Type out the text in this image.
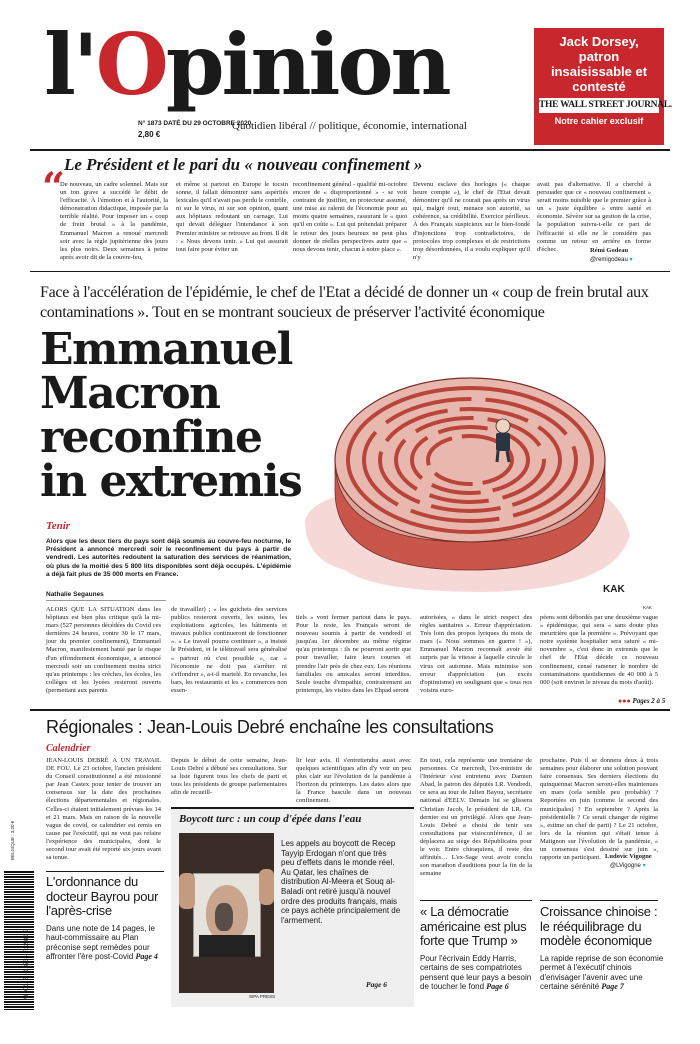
l'Opinion
N° 1873 DATÉ DU 29 OCTOBRE 2020
2,80 €
Quotidien libéral // politique, économie, international
Jack Dorsey, patron insaisissable et contesté
THE WALL STREET JOURNAL.
Notre cahier exclusif
Le Président et le pari du « nouveau confinement »
“
De nouveau, un cadre solennel. Mais sur un ton grave a succédé le débit de l'efficacité. À l'émotion et à l'autorité, la démonstration didactique, imposée par la terrible réalité. Pour imposer un « coup de frein brutal » à la pandémie, Emmanuel Macron a renoué mercredi soir avec la règle jupitérienne des jours les plus noirs. Deux semaines à peine après avoir dit de la couvre-feu,
et même si partout en Europe le tocsin sonne, il fallait démontrer sans aspérités lexicales qu'il n'avait pas perdu le contrôle, ni sur le virus, ni sur son opinion, quant aux hôpitaux redoutant un carnage. Lui qui devait déléguer l'intendance à son Premier ministre se retrouve au front. Il dit : « Nous devons tenir. » Lui qui assurait tout faire pour éviter un
reconfinement général - qualifié mi-octobre encore de « disproportionné » - se voit contraint de justifier, en protecteur assumé, une mise au ralenti de l'économie pour au moins quatre semaines, rassurant le « quoi qu'il en coûte ». Lui qui prétendait préparer le retour des jours heureux ne peut plus donner de réelles perspectives autre que « nous devons tenir, chacun à notre place ».
Devenu esclave des horloges (« chaque heure compte »), le chef de l'Etat devait démontrer qu'il ne courait pas après un virus qui, malgré tout, menace son autorité, sa cohérence, sa crédibilité. Exercice périlleux. À des Français suspicieux sur le bien-fondé d'injonctions trop contradictoires, de protocoles trop complexes et de restrictions trop désordonnées, il a voulu expliquer qu'il n'y
avait pas d'alternative. Il a cherché à persuader que ce « nouveau confinement » serait moins nuisible que le premier grâce à un « juste équilibre » entre santé et économie. Sévère sur sa gestion de la crise, la population suivra-t-elle ce pari de l'efficacité si elle ne le considère pas comme un retour en arrière en forme d'échec.	Rémi Godeau
@remigodeau ▾
Face à l'accélération de l'épidémie, le chef de l'Etat a décidé de donner un « coup de frein brutal aux contaminations ». Tout en se montrant soucieux de préserver l'activité économique
Emmanuel
Macron
reconfine
in extremis
KAK
KAK
Tenir
Alors que les deux tiers du pays sont déjà soumis au couvre-feu nocturne, le Président a annoncé mercredi soir le reconfinement du pays à partir de vendredi. Les autorités redoutent la saturation des services de réanimation, où plus de la moitié des 5 800 lits disponibles sont déjà occupés. L'épidémie a déjà fait plus de 35 000 morts en France.
Nathalie Segaunes
ALORS QUE LA SITUATION dans les hôpitaux est bien plus critique qu'à la mi-mars (527 personnes décédées du Covid ces dernières 24 heures, contre 30 le 17 mars, jour du premier confinement), Emmanuel Macron, manifestement hanté par le risque d'un effondrement économique, a annoncé mercredi soir un confinement moins strict qu'au printemps : les crèches, les écoles, les collèges et les lycées resteront ouverts (permettant aux parents
de travailler) ; « les guichets des services publics resteront ouverts, les usines, les exploitations agricoles, les bâtiments et travaux publics continueront de fonctionner ». « Le travail pourra continuer », a insisté le Président, et le télétravail sera généralisé « partout où c'est possible », car « l'économie ne doit pas s'arrêter ni s'effondrer », a-t-il martelé. En revanche, les bars, les restaurants et les « commerces non essen-
tiels » vont fermer partout dans le pays. Pour le reste, les Français seront de nouveau soumis à partir de vendredi et jusqu'au 1er décembre au même régime qu'au printemps : ils ne pourront sortir que pour travailler, faire leurs courses et prendre l'air près de chez eux. Les réunions familiales ou amicales seront interdites. Seule touche d'empathie, contrairement au printemps, les visites dans les Ehpad seront
autorisées, « dans le strict respect des règles sanitaires ». Erreur d'appréciation. Très loin des propos lyriques du mois de mars (« Nous sommes en guerre ! »), Emmanuel Macron reconnaît avoir été surpris par la vitesse à laquelle circule le virus cet automne. Mais minimise son erreur d'appréciation (un excès d'optimisme) en soulignant que « tous nos voisins euro-
péens sont débordés par une deuxième vague » épidémique, qui sera « sans doute plus meurtrière que la première ». Prévoyant que notre système hospitalier sera saturé « mi-novembre », c'est donc in extremis que le chef de l'Etat décide ce nouveau confinement, censé ramener le nombre de contaminations quotidiennes de 40 000 à 5 000 (soit environ le niveau du mois d'août).
●●● Pages 2 à 5
Régionales : Jean-Louis Debré enchaîne les consultations
Calendrier
JEAN-LOUIS DEBRÉ A UN TRAVAIL DE FOU. Le 23 octobre, l'ancien président du Conseil constitutionnel a été missionné par Jean Castex pour tenter de trouver un consensus sur la date des prochaines élections départementales et régionales. Celles-ci étaient initialement prévues les 14 et 21 mars. Mais en raison de la nouvelle vague de covid, ce calendrier est remis en cause par l'exécutif, qui ne veut pas refaire l'expérience des municipales, dont le second tour avait été reporté six jours avant sa tenue.
Depuis le début de cette semaine, Jean-Louis Debré a débuté ses consultations. Sur sa liste figurent tous les chefs de parti et tous les présidents de groupe parlementaires afin de recueill-
lir leur avis. Il s'entretiendra aussi avec quelques scientifiques afin d'y voir un peu plus clair sur l'évolution de la pandémie à l'horizon du printemps. Les dates alors que la France bascule dans un nouveau confinement.
En tout, cela représente une trentaine de personnes. Ce mercredi, l'ex-ministre de l'Intérieur s'est entretenu avec Damien Abad, le patron des députés LR. Vendredi, ce sera au tour de Julien Bayou, secrétaire national d'EELV. Demain lui se glissera Christian Jacob, le président de LR. Ce dernier est un privilégié. Alors que Jean-Louis Debré a choisi de tenir ses consultations par visioconférence, il se déplacera au siège des Républicains pour le voir. Entre chiraquiens, il reste des affinités… L'ex-Sage veut avoir conclu son marathon d'auditions pour la fin de la semaine
prochaine. Puis il se donnera deux à trois semaines pour élaborer une solution pouvant faire consensus. Ses derniers élections du quinquennat Macron seront-elles maintenues en mars (cela semble peu probable) ? Reportées en juin (comme le second des municipales) ? En septembre ? Après la présidentielle ? Ce serait changer de régime », estime un chef de parti) ? Le 21 octobre, lors de la réunion qui s'était tenue à Matignon sur l'évolution de la pandémie, « un consensus s'est dessiné sur juin », rapporte un participant. Ludovic Vigogne
@LVigogne ▾
Boycott turc : un coup d'épée dans l'eau
SIPA PRESS
Les appels au boycott de Recep Tayyip Erdogan n'ont que très peu d'effets dans le monde réel. Au Qatar, les chaînes de distribution Al-Meera et Souq al-Baladi ont retiré jusqu'à nouvel ordre des produits français, mais ce pays achète principalement de l'armement.
Page 6
M 00118 - 1873 - F: 2,80 €
BELGIQUE : 3,20 €
L'ordonnance du docteur Bayrou pour l'après-crise
Dans une note de 14 pages, le haut-commissaire au Plan préconise sept remèdes pour affronter l'ère post-Covid Page 4
« La démocratie américaine est plus forte que Trump »
Pour l'écrivain Eddy Harris, certains de ses compatriotes pensent que leur pays a besoin de toucher le fond Page 6
Croissance chinoise : le rééquilibrage du modèle économique
La rapide reprise de son économie permet à l'exécutif chinois d'envisager l'avenir avec une certaine sérénité Page 7
